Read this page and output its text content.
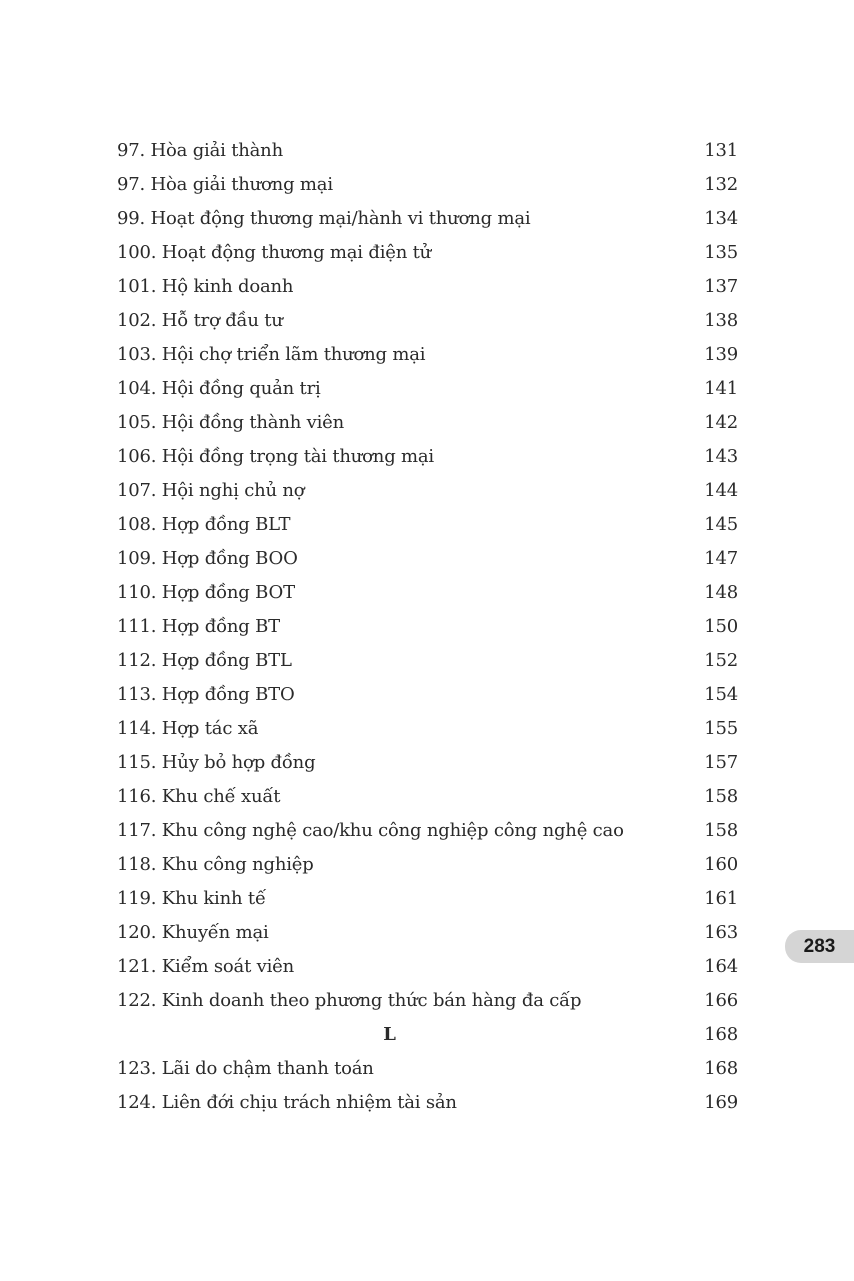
97. Hòa giải thành	131
97. Hòa giải thương mại	132
99. Hoạt động thương mại/hành vi thương mại	134
100. Hoạt động thương mại điện tử	135
101. Hộ kinh doanh	137
102. Hỗ trợ đầu tư	138
103. Hội chợ triển lãm thương mại	139
104. Hội đồng quản trị	141
105. Hội đồng thành viên	142
106. Hội đồng trọng tài thương mại	143
107. Hội nghị chủ nợ	144
108. Hợp đồng BLT	145
109. Hợp đồng BOO	147
110. Hợp đồng BOT	148
111. Hợp đồng BT	150
112. Hợp đồng BTL	152
113. Hợp đồng BTO	154
114. Hợp tác xã	155
115. Hủy bỏ hợp đồng	157
116. Khu chế xuất	158
117. Khu công nghệ cao/khu công nghiệp công nghệ cao	158
118. Khu công nghiệp	160
119. Khu kinh tế	161
120. Khuyến mại	163
121. Kiểm soát viên	164
122. Kinh doanh theo phương thức bán hàng đa cấp	166
L	168
123. Lãi do chậm thanh toán	168
124. Liên đới chịu trách nhiệm tài sản	169
283
